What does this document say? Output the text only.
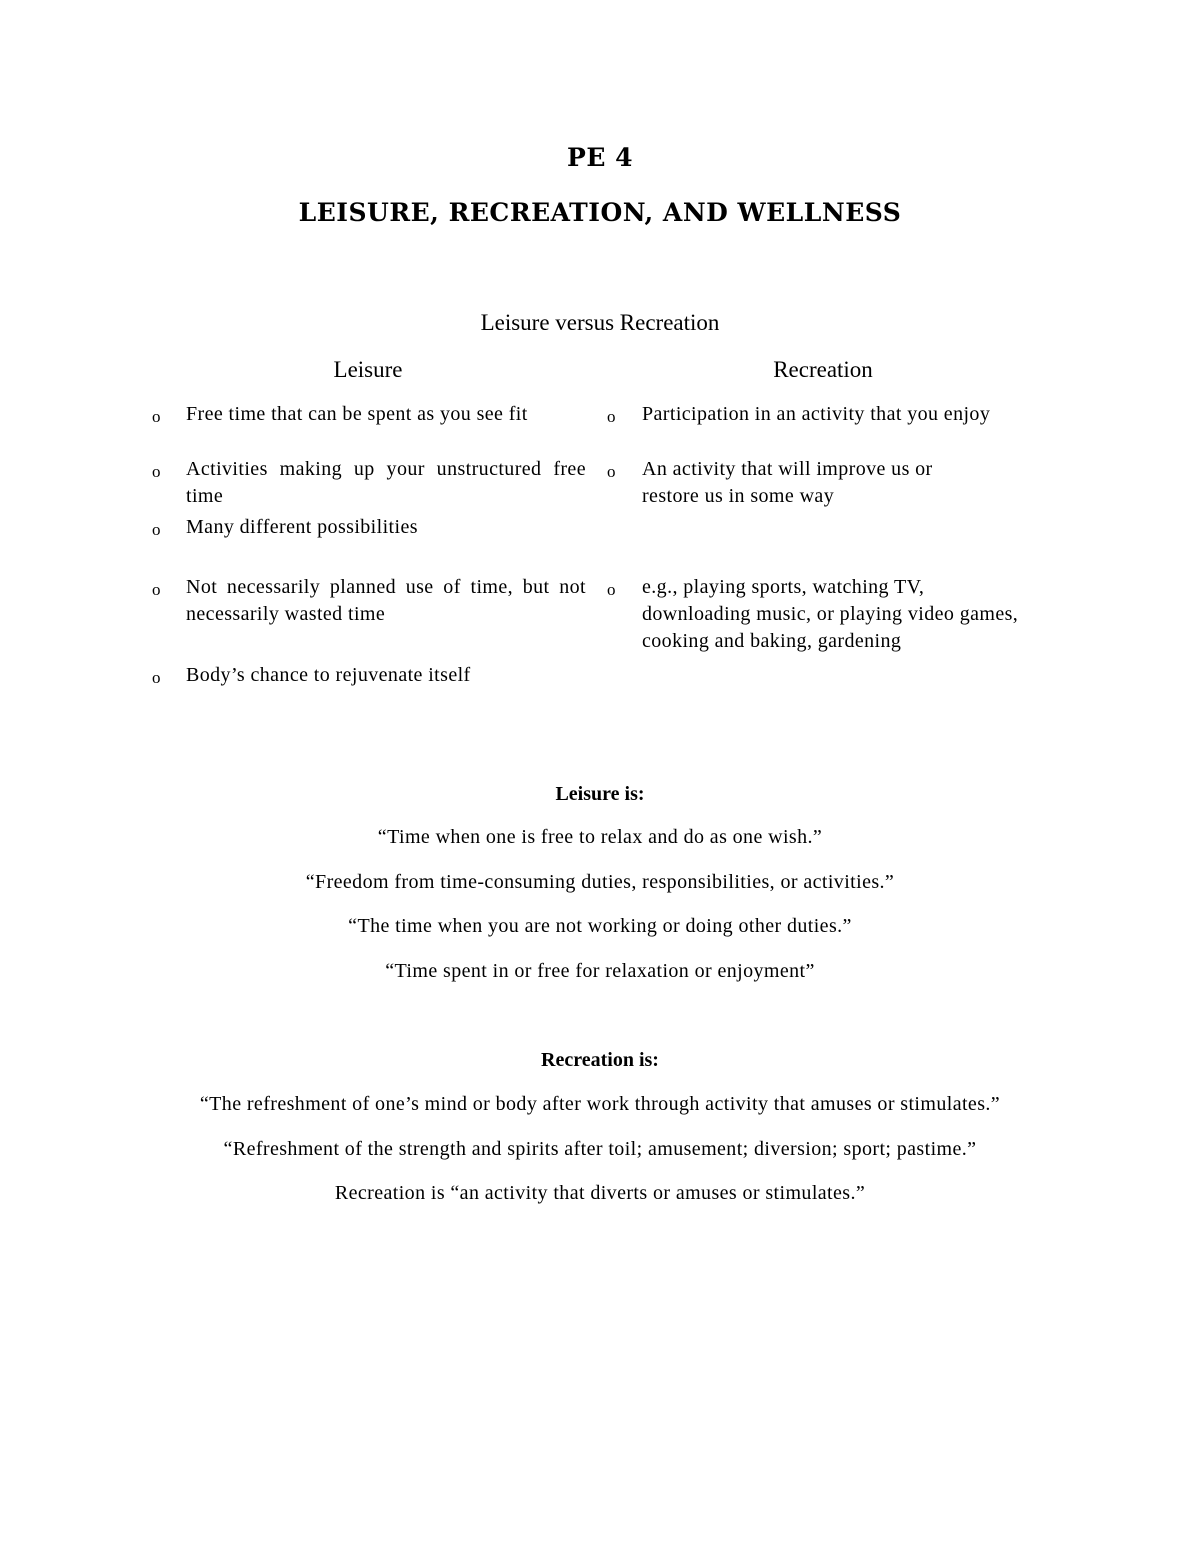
PE 4
LEISURE, RECREATION, AND WELLNESS
Leisure versus Recreation
Leisure	Recreation
o Free time that can be spent as you see fit
o Activities making up your unstructured free time
o Many different possibilities
o Not necessarily planned use of time, but not necessarily wasted time
o Body’s chance to rejuvenate itself
o Participation in an activity that you enjoy
o An activity that will improve us or restore us in some way
o e.g., playing sports, watching TV, downloading music, or playing video games, cooking and baking, gardening
Leisure is:
“Time when one is free to relax and do as one wish.”
“Freedom from time-consuming duties, responsibilities, or activities.”
“The time when you are not working or doing other duties.”
“Time spent in or free for relaxation or enjoyment”
Recreation is:
“The refreshment of one’s mind or body after work through activity that amuses or stimulates.”
“Refreshment of the strength and spirits after toil; amusement; diversion; sport; pastime.”
Recreation is “an activity that diverts or amuses or stimulates.”
